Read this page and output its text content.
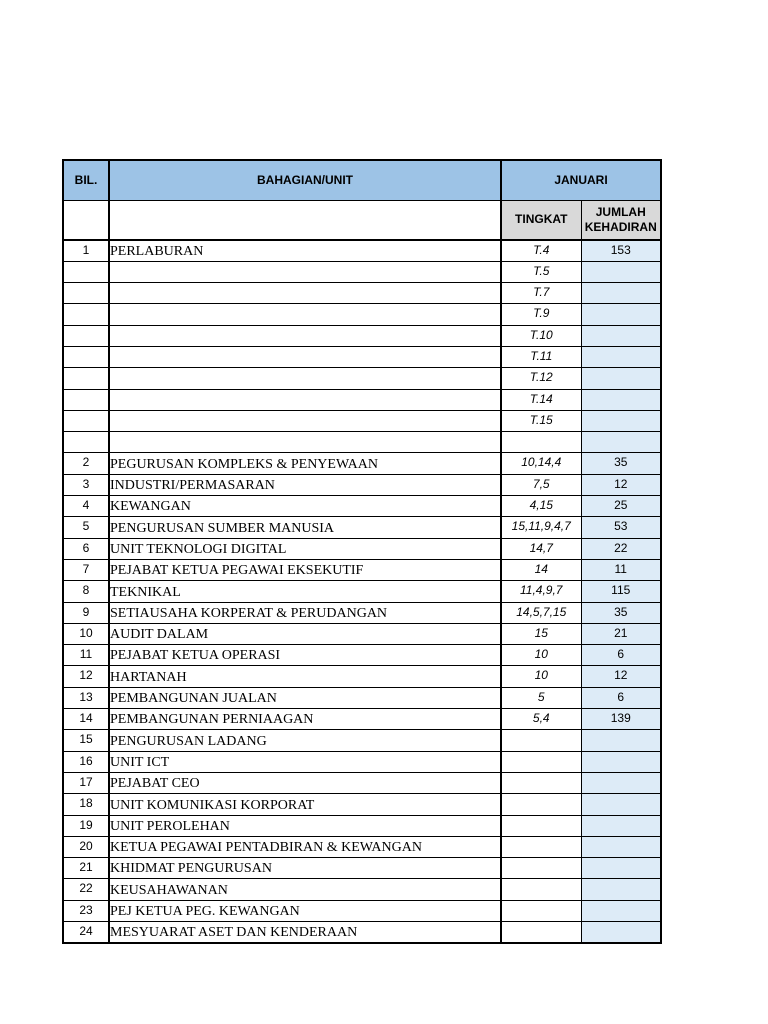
BIL.	BAHAGIAN/UNIT	JANUARI	
		TINGKAT	JUMLAH KEHADIRAN
1	PERLABURAN	T.4	153
		T.5	
		T.7	
		T.9	
		T.10	
		T.11	
		T.12	
		T.14	
		T.15	

2	PEGURUSAN KOMPLEKS & PENYEWAAN	10,14,4	35
3	INDUSTRI/PERMASARAN	7,5	12
4	KEWANGAN	4,15	25
5	PENGURUSAN SUMBER MANUSIA	15,11,9,4,7	53
6	UNIT TEKNOLOGI DIGITAL	14,7	22
7	PEJABAT KETUA PEGAWAI EKSEKUTIF	14	11
8	TEKNIKAL	11,4,9,7	115
9	SETIAUSAHA KORPERAT & PERUDANGAN	14,5,7,15	35
10	AUDIT DALAM	15	21
11	PEJABAT KETUA OPERASI	10	6
12	HARTANAH	10	12
13	PEMBANGUNAN JUALAN	5	6
14	PEMBANGUNAN PERNIAAGAN	5,4	139
15	PENGURUSAN LADANG		
16	UNIT ICT		
17	PEJABAT CEO		
18	UNIT KOMUNIKASI KORPORAT		
19	UNIT PEROLEHAN		
20	KETUA PEGAWAI PENTADBIRAN & KEWANGAN		
21	KHIDMAT PENGURUSAN		
22	KEUSAHAWANAN		
23	PEJ KETUA PEG. KEWANGAN		
24	MESYUARAT ASET DAN KENDERAAN		
